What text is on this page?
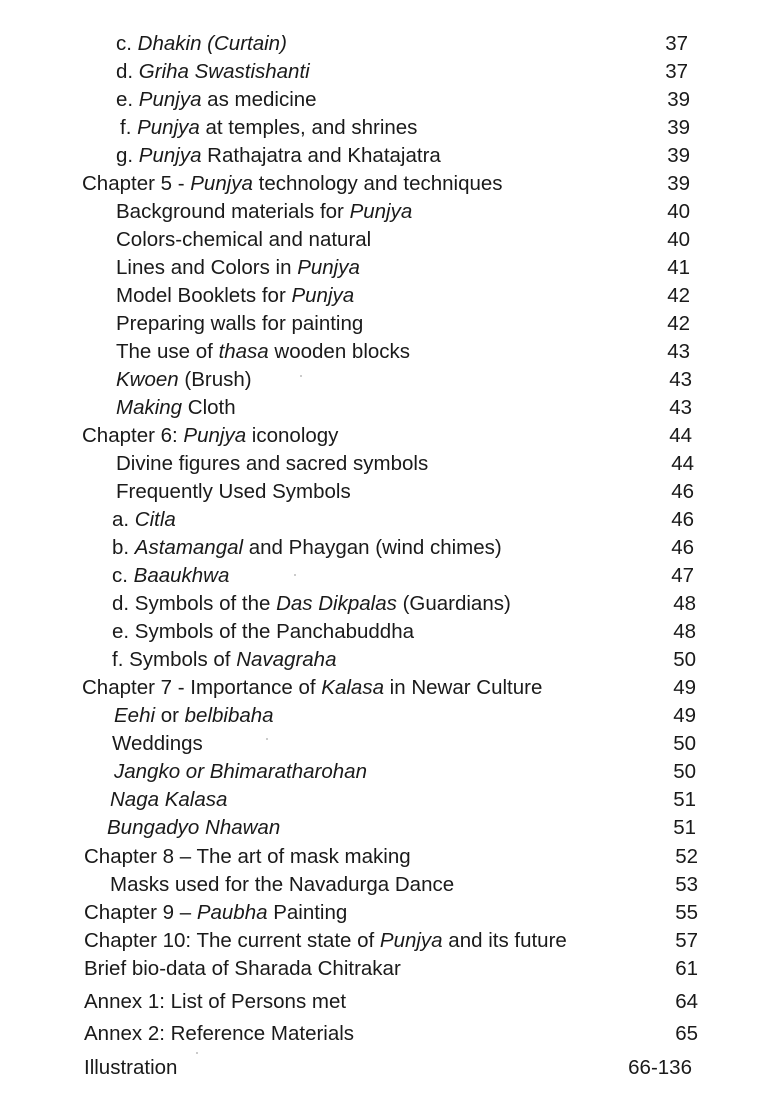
c. Dhakin (Curtain)	37
d. Griha Swastishanti	37
e. Punjya as medicine	39
f. Punjya at temples, and shrines	39
g. Punjya Rathajatra and Khatajatra	39
Chapter 5 - Punjya technology and techniques	39
Background materials for Punjya	40
Colors-chemical and natural	40
Lines and Colors in Punjya	41
Model Booklets for Punjya	42
Preparing walls for painting	42
The use of thasa wooden blocks	43
Kwoen (Brush)	43
Making Cloth	43
Chapter 6: Punjya iconology	44
Divine figures and sacred symbols	44
Frequently Used Symbols	46
a. Citla	46
b. Astamangal and Phaygan (wind chimes)	46
c. Baaukhwa	47
d. Symbols of the Das Dikpalas (Guardians)	48
e. Symbols of the Panchabuddha	48
f. Symbols of Navagraha	50
Chapter 7 - Importance of Kalasa in Newar Culture	49
Eehi or belbibaha	49
Weddings	50
Jangko or Bhimaratharohan	50
Naga Kalasa	51
Bungadyo Nhawan	51
Chapter 8 – The art of mask making	52
Masks used for the Navadurga Dance	53
Chapter 9 – Paubha Painting	55
Chapter 10: The current state of Punjya and its future	57
Brief bio-data of Sharada Chitrakar	61
Annex 1: List of Persons met	64
Annex 2: Reference Materials	65
Illustration	66-136
